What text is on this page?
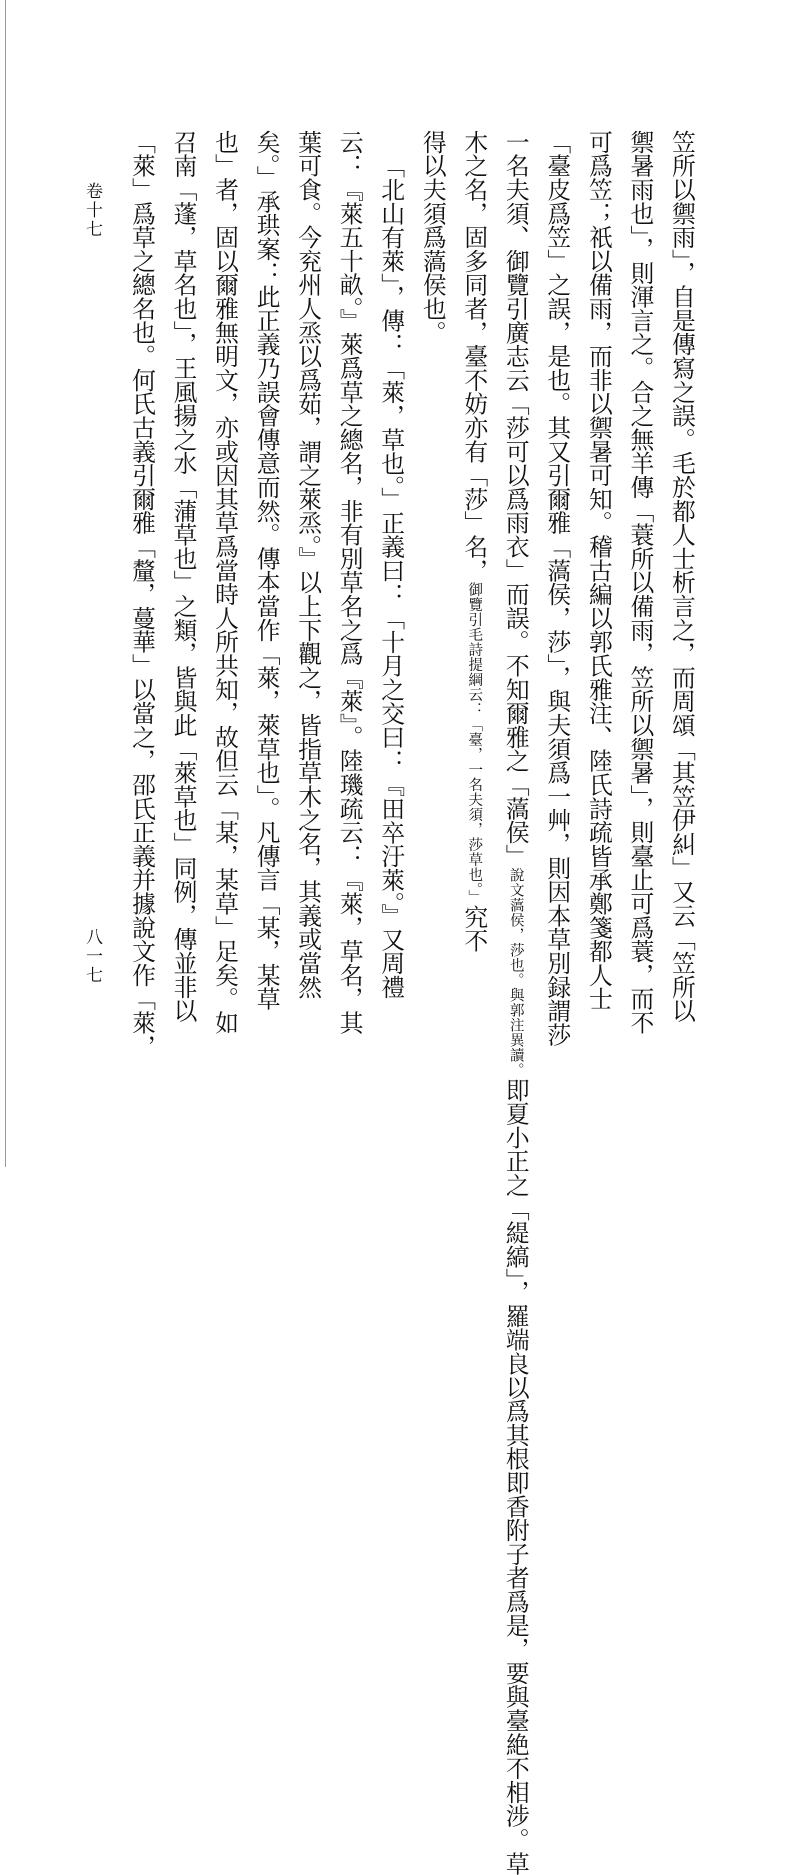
卷十七
八一七	笠所以禦雨」，自是傳寫之誤。毛於都人士析言之，而周頌「其笠伊糾」又云「笠所以
禦暑雨也」，則渾言之。合之無羊傳「蓑所以備雨，笠所以禦暑」，則臺止可爲蓑，而不
可爲笠；祇以備雨，而非以禦暑可知。稽古編以郭氏雅注、陸氏詩疏皆承鄭箋都人士
「臺皮爲笠」之誤，是也。其又引爾雅「薃侯，莎」，與夫須爲一艸，則因本草別録謂莎
一名夫須、御覽引廣志云「莎可以爲雨衣」而誤。不知爾雅之「薃侯」說文薃侯，莎也。與郭注異讀。即夏小正之「緹縞」，羅端良以爲其根即香附子者爲是，要與臺絶不相涉。草
木之名，固多同者，臺不妨亦有「莎」名，御覽引毛詩提綱云：「臺，一名夫須，莎草也。」究不
得以夫須爲薃侯也。
「北山有萊」，傳：「萊，草也。」正義曰：「十月之交曰：『田卒汙萊。』又周禮
云：『萊五十畝。』萊爲草之總名，非有別草名之爲『萊』。陸璣疏云：『萊，草名，其
葉可食。今兖州人烝以爲茹，謂之萊烝。』以上下觀之，皆指草木之名，其義或當然
矣。」承珙案：此正義乃誤會傳意而然。傳本當作「萊，萊草也」。凡傳言「某，某草
也」者，固以爾雅無明文，亦或因其草爲當時人所共知，故但云「某，某草」足矣。如
召南「蓬，草名也」，王風揚之水「蒲草也」之類，皆與此「萊草也」同例，傳並非以
「萊」爲草之總名也。何氏古義引爾雅「釐，蔓華」以當之，邵氏正義并據說文作「萊，
